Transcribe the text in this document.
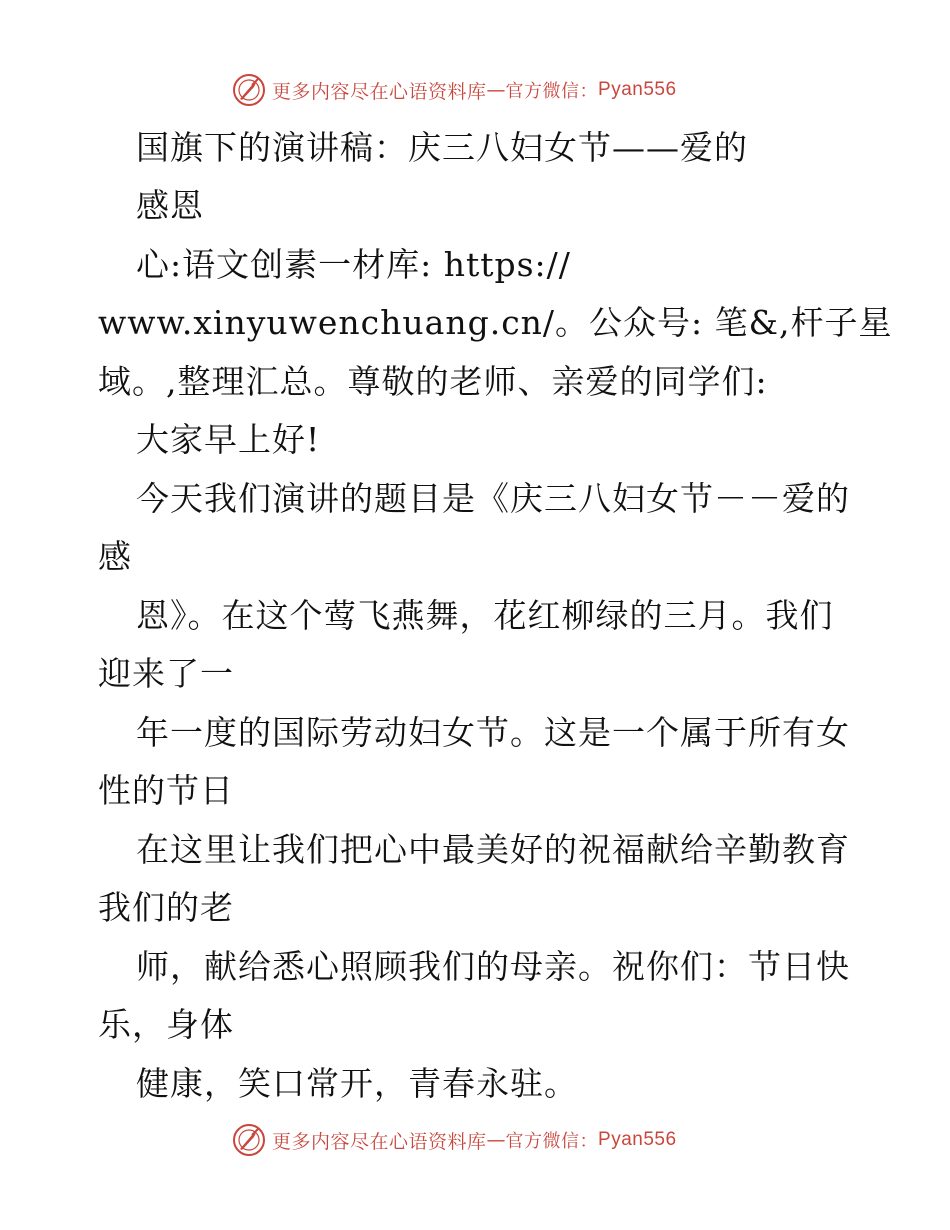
更多内容尽在心语资料库 — 官方微信： Pyan556
国旗下的演讲稿：庆三八妇女节——爱的
感恩
心:语文创素一材库: https://
www.xinyuwenchuang.cn/。公众号: 笔&,杆子星
域。,整理汇总。尊敬的老师、亲爱的同学们:
大家早上好!
今天我们演讲的题目是《庆三八妇女节－－爱的
感
恩》。在这个莺飞燕舞，花红柳绿的三月。我们
迎来了一
年一度的国际劳动妇女节。这是一个属于所有女
性的节日
在这里让我们把心中最美好的祝福献给辛勤教育
我们的老
师，献给悉心照顾我们的母亲。祝你们：节日快
乐，身体
健康，笑口常开，青春永驻。
更多内容尽在心语资料库 — 官方微信： Pyan556
